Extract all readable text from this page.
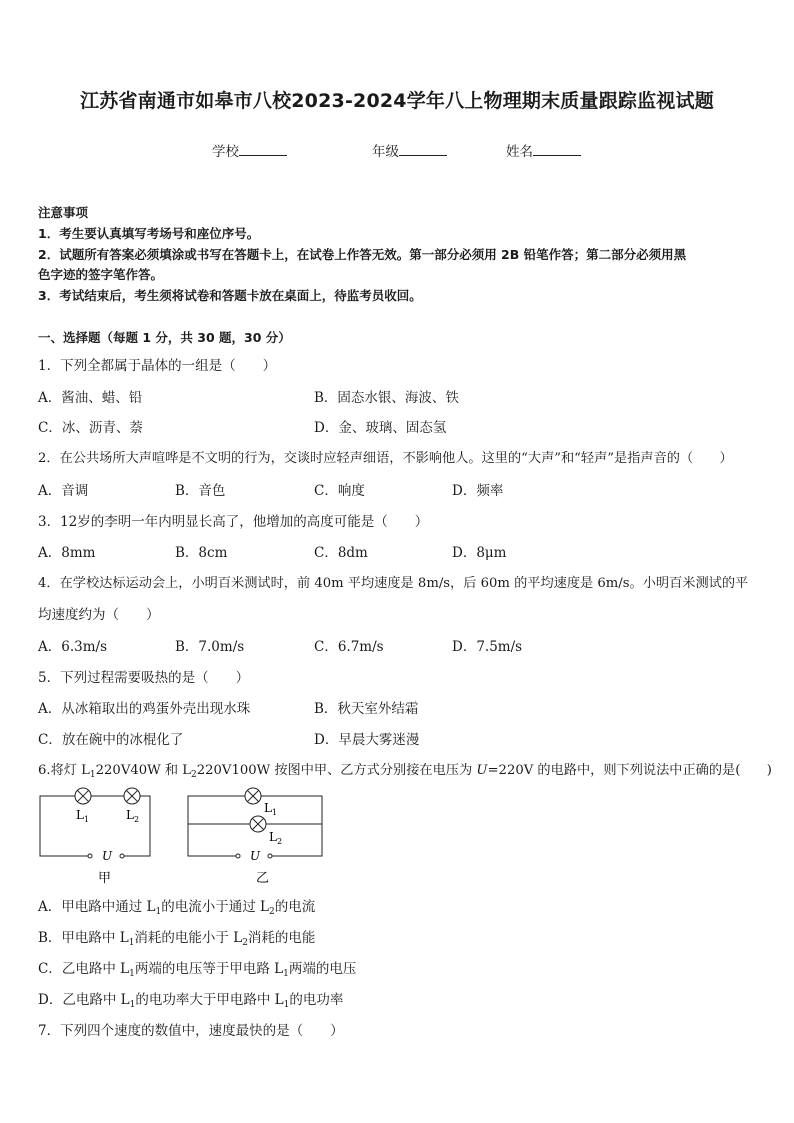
江苏省南通市如皋市八校2023-2024学年八上物理期末质量跟踪监视试题
学校	年级	姓名
注意事项
1．考生要认真填写考场号和座位序号。
2．试题所有答案必须填涂或书写在答题卡上，在试卷上作答无效。第一部分必须用 2B 铅笔作答；第二部分必须用黑
色字迹的签字笔作答。
3．考试结束后，考生须将试卷和答题卡放在桌面上，待监考员收回。
一、选择题（每题 1 分，共 30 题，30 分）
1．下列全都属于晶体的一组是（　　）
A．酱油、蜡、铅	B．固态水银、海波、铁
C．冰、沥青、萘	D．金、玻璃、固态氢
2．在公共场所大声喧哗是不文明的行为，交谈时应轻声细语，不影响他人。这里的“大声”和“轻声”是指声音的（　　）
A．音调	B．音色	C．响度	D．频率
3．12岁的李明一年内明显长高了，他增加的高度可能是（　　）
A．8mm	B．8cm	C．8dm	D．8μm
4．在学校达标运动会上，小明百米测试时，前 40m 平均速度是 8m/s，后 60m 的平均速度是 6m/s。小明百米测试的平
均速度约为（　　）
A．6.3m/s	B．7.0m/s	C．6.7m/s	D．7.5m/s
5．下列过程需要吸热的是（　　）
A．从冰箱取出的鸡蛋外壳出现水珠	B．秋天室外结霜
C．放在碗中的冰棍化了	D．早晨大雾迷漫
6.将灯 $L_1220V40W$ 和 $L_2220V100W$ 按图中甲、乙方式分别接在电压为 U=220V 的电路中，则下列说法中正确的是(　　)
$L_1$	$L_2$
U
甲
$L_1$
$L_2$
U
乙
A．甲电路中通过 $L_1$的电流小于通过 $L_2$的电流
B．甲电路中 $L_1$消耗的电能小于 $L_2$消耗的电能
C．乙电路中 $L_1$两端的电压等于甲电路 $L_1$两端的电压
D．乙电路中 $L_1$的电功率大于甲电路中 $L_1$的电功率
7．下列四个速度的数值中，速度最快的是（　　）
